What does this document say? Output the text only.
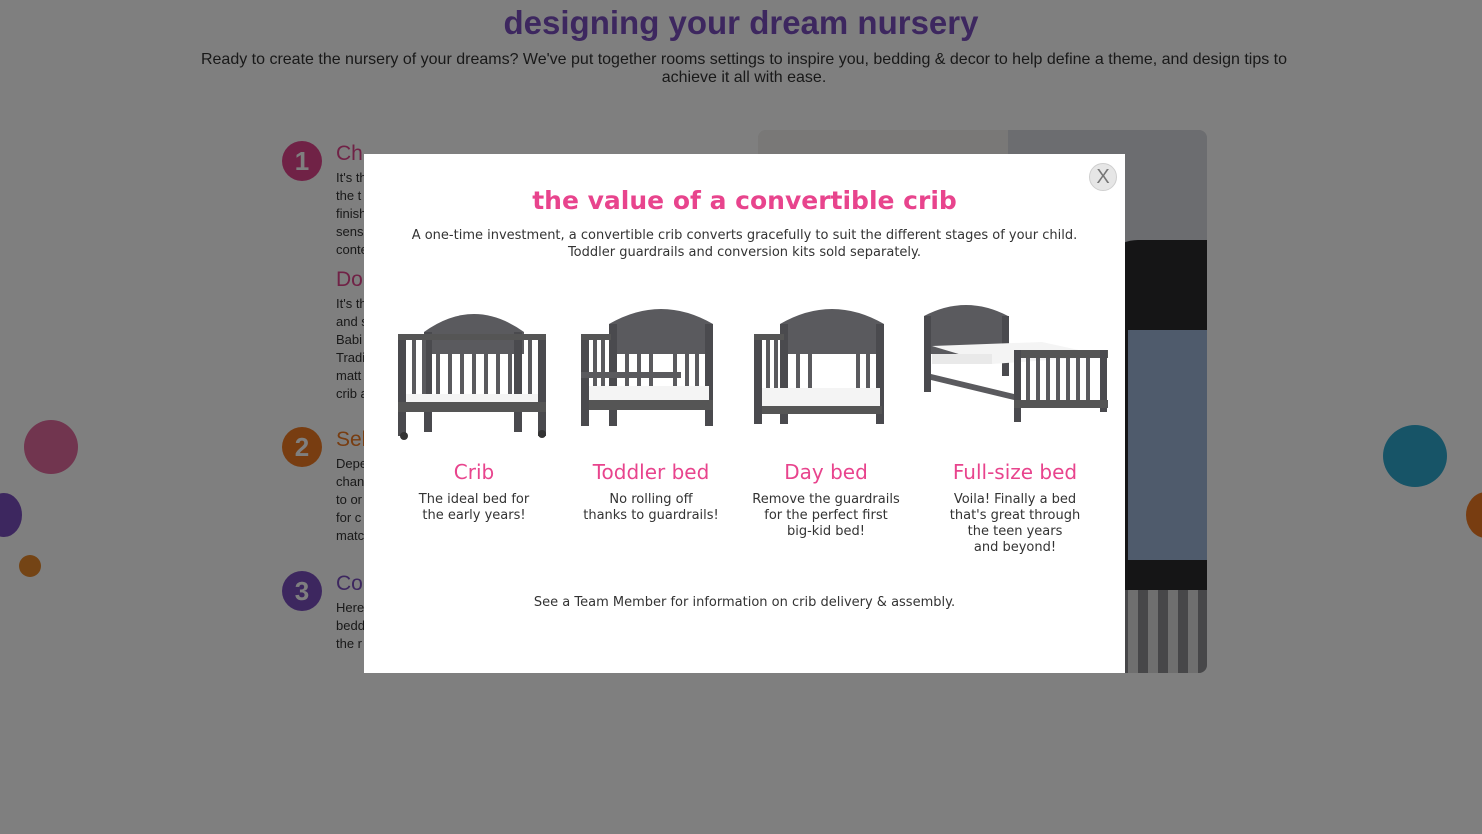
X
the value of a convertible crib
A one-time investment, a convertible crib converts gracefully to suit the different stages of your child.
Toddler guardrails and conversion kits sold separately.
Crib
The ideal bed for
the early years!
Toddler bed
No rolling off
thanks to guardrails!
Day bed
Remove the guardrails
for the perfect first
big-kid bed!
Full-size bed
Voila! Finally a bed
that's great through
the teen years
and beyond!
See a Team Member for information on crib delivery & assembly.
